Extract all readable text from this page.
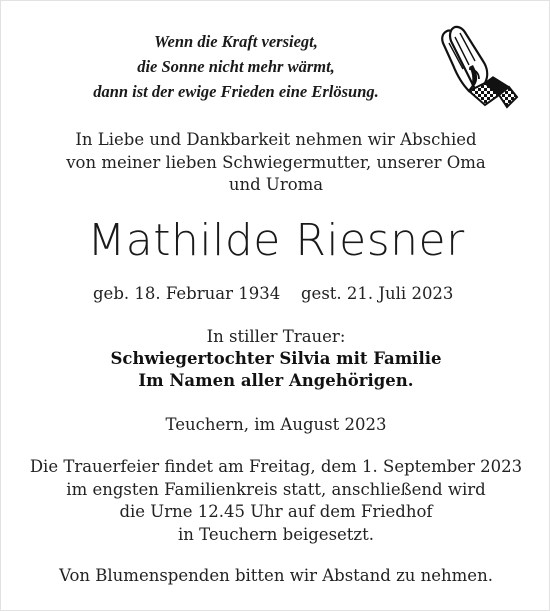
Wenn die Kraft versiegt,
die Sonne nicht mehr wärmt,
dann ist der ewige Frieden eine Erlösung.
In Liebe und Dankbarkeit nehmen wir Abschied
von meiner lieben Schwiegermutter, unserer Oma
und Uroma
Mathilde Riesner
geb. 18. Februar 1934 gest. 21. Juli 2023
In stiller Trauer:
Schwiegertochter Silvia mit Familie
Im Namen aller Angehörigen.
Teuchern, im August 2023
Die Trauerfeier findet am Freitag, dem 1. September 2023
im engsten Familienkreis statt, anschließend wird
die Urne 12.45 Uhr auf dem Friedhof
in Teuchern beigesetzt.
Von Blumenspenden bitten wir Abstand zu nehmen.
